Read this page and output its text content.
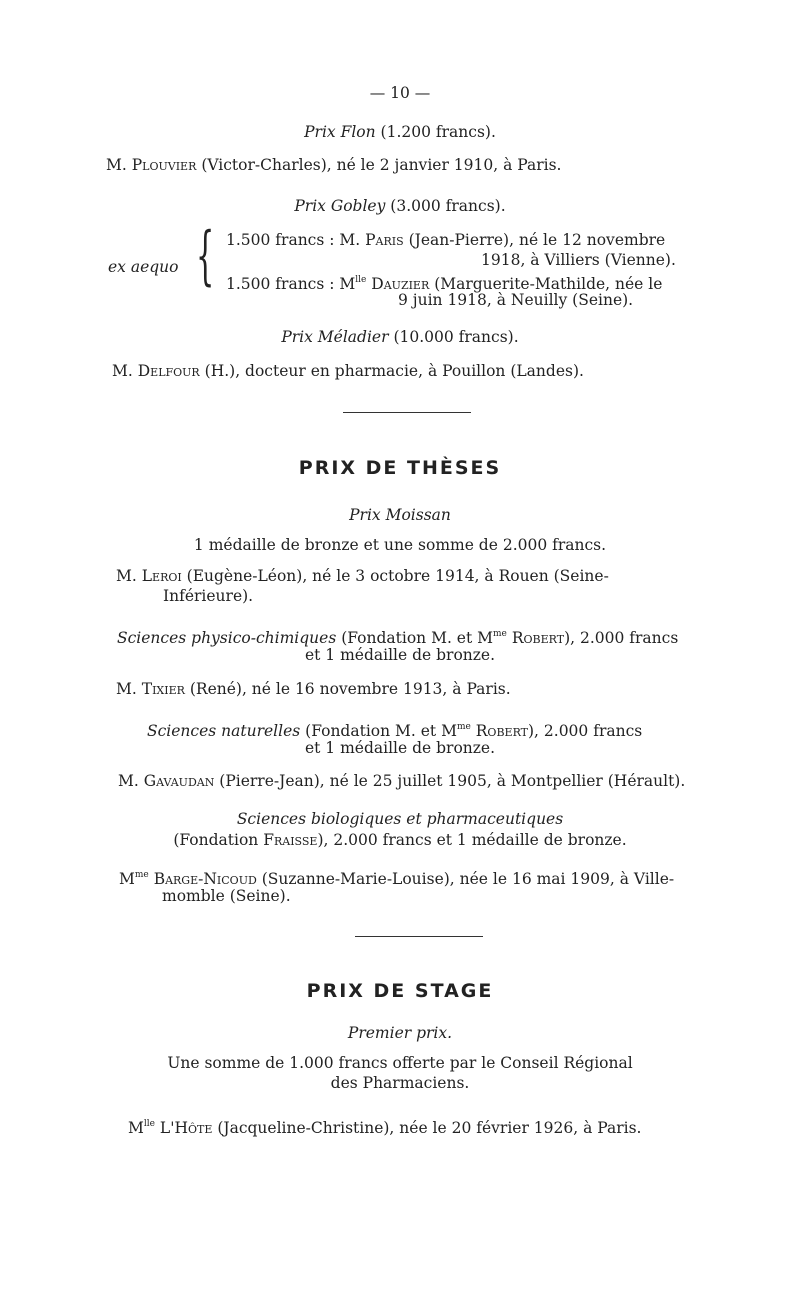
— 10 —
Prix Flon (1.200 francs).
M. Plouvier (Victor-Charles), né le 2 janvier 1910, à Paris.
Prix Gobley (3.000 francs).
ex aequo { 1.500 francs : M. Paris (Jean-Pierre), né le 12 novembre
1918, à Villiers (Vienne).
1.500 francs : $M^{lle}$ Dauzier (Marguerite-Mathilde, née le
9 juin 1918, à Neuilly (Seine).
Prix Méladier (10.000 francs).
M. Delfour (H.), docteur en pharmacie, à Pouillon (Landes).
PRIX DE THÈSES
Prix Moissan
1 médaille de bronze et une somme de 2.000 francs.
M. Leroi (Eugène-Léon), né le 3 octobre 1914, à Rouen (Seine-
Inférieure).
Sciences physico-chimiques (Fondation M. et $M^{me}$ Robert), 2.000 francs
et 1 médaille de bronze.
M. Tixier (René), né le 16 novembre 1913, à Paris.
Sciences naturelles (Fondation M. et $M^{me}$ Robert), 2.000 francs
et 1 médaille de bronze.
M. Gavaudan (Pierre-Jean), né le 25 juillet 1905, à Montpellier (Hérault).
Sciences biologiques et pharmaceutiques
(Fondation Fraisse), 2.000 francs et 1 médaille de bronze.
$M^{me}$ Barge-Nicoud (Suzanne-Marie-Louise), née le 16 mai 1909, à Ville-
momble (Seine).
PRIX DE STAGE
Premier prix.
Une somme de 1.000 francs offerte par le Conseil Régional
des Pharmaciens.
$M^{lle}$ L'Hôte (Jacqueline-Christine), née le 20 février 1926, à Paris.
